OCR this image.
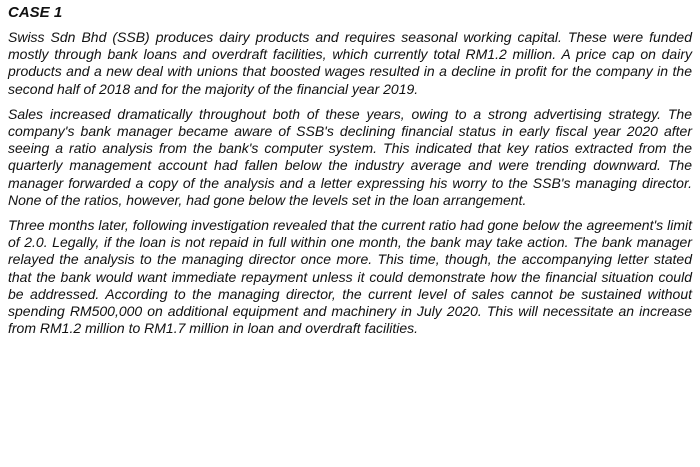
CASE 1

Swiss Sdn Bhd (SSB) produces dairy products and requires seasonal working capital. These were funded mostly through bank loans and overdraft facilities, which currently total RM1.2 million. A price cap on dairy products and a new deal with unions that boosted wages resulted in a decline in profit for the company in the second half of 2018 and for the majority of the financial year 2019.

Sales increased dramatically throughout both of these years, owing to a strong advertising strategy. The company's bank manager became aware of SSB's declining financial status in early fiscal year 2020 after seeing a ratio analysis from the bank's computer system. This indicated that key ratios extracted from the quarterly management account had fallen below the industry average and were trending downward. The manager forwarded a copy of the analysis and a letter expressing his worry to the SSB's managing director. None of the ratios, however, had gone below the levels set in the loan arrangement.

Three months later, following investigation revealed that the current ratio had gone below the agreement's limit of 2.0. Legally, if the loan is not repaid in full within one month, the bank may take action. The bank manager relayed the analysis to the managing director once more. This time, though, the accompanying letter stated that the bank would want immediate repayment unless it could demonstrate how the financial situation could be addressed. According to the managing director, the current level of sales cannot be sustained without spending RM500,000 on additional equipment and machinery in July 2020. This will necessitate an increase from RM1.2 million to RM1.7 million in loan and overdraft facilities.
